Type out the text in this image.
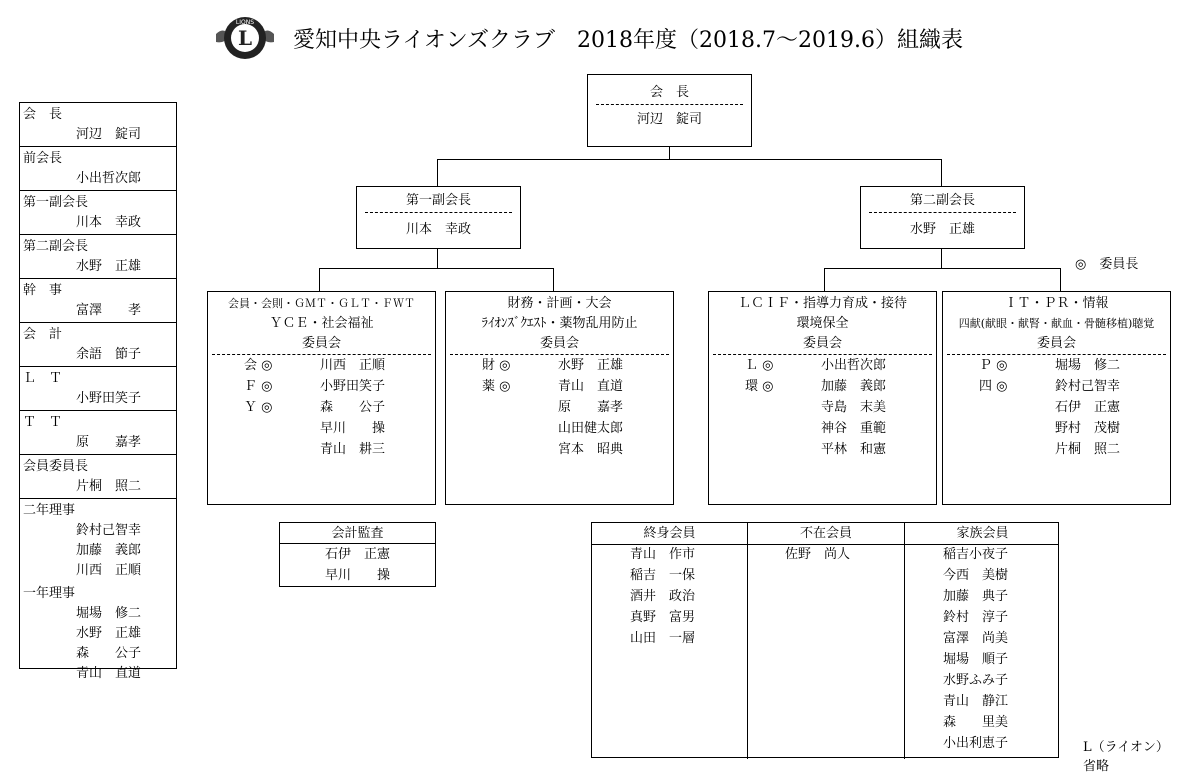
L
LIONS
愛知中央ライオンズクラブ　2018年度（2018.7～2019.6）組織表
会　長
河辺　錠司
前会長
小出哲次郎
第一副会長
川本　幸政
第二副会長
水野　正雄
幹　事
富澤　　孝
会　計
余語　節子
Ｌ　Ｔ
小野田笑子
Ｔ　Ｔ
原　　嘉孝
会員委員長
片桐　照二
二年理事
鈴村己智幸
加藤　義郎
川西　正順
一年理事
堀場　修二
水野　正雄
森　　公子
青山　直道
会　長
河辺　錠司
第一副会長
川本　幸政
第二副会長
水野　正雄
◎　委員長
会員・会則・ＧＭＴ・ＧＬＴ・ＦＷＴ
ＹＣＥ・社会福祉
委員会
会 ◎	川西　正順
Ｆ ◎	小野田笑子
Ｙ ◎	森　　公子
早川　　操
青山　耕三
財務・計画・大会
ﾗｲｵﾝｽﾞｸｴｽﾄ・薬物乱用防止
委員会
財 ◎	水野　正雄
薬 ◎	青山　直道
原　　嘉孝
山田健太郎
宮本　昭典
ＬＣＩＦ・指導力育成・接待
環境保全
委員会
Ｌ ◎	小出哲次郎
環 ◎	加藤　義郎
寺島　末美
神谷　重範
平林　和憲
ＩＴ・ＰＲ・情報
四献(献眼・献腎・献血・骨髄移植)聴覚
委員会
Ｐ ◎	堀場　修二
四 ◎	鈴村己智幸
石伊　正憲
野村　茂樹
片桐　照二
会計監査
石伊　正憲
早川　　操
終身会員
青山　作市
稲吉　一保
酒井　政治
真野　富男
山田　一層
不在会員
佐野　尚人
家族会員
稲吉小夜子
今西　美樹
加藤　典子
鈴村　淳子
富澤　尚美
堀場　順子
水野ふみ子
青山　静江
森　　里美
小出利恵子	L（ライオン）省略
